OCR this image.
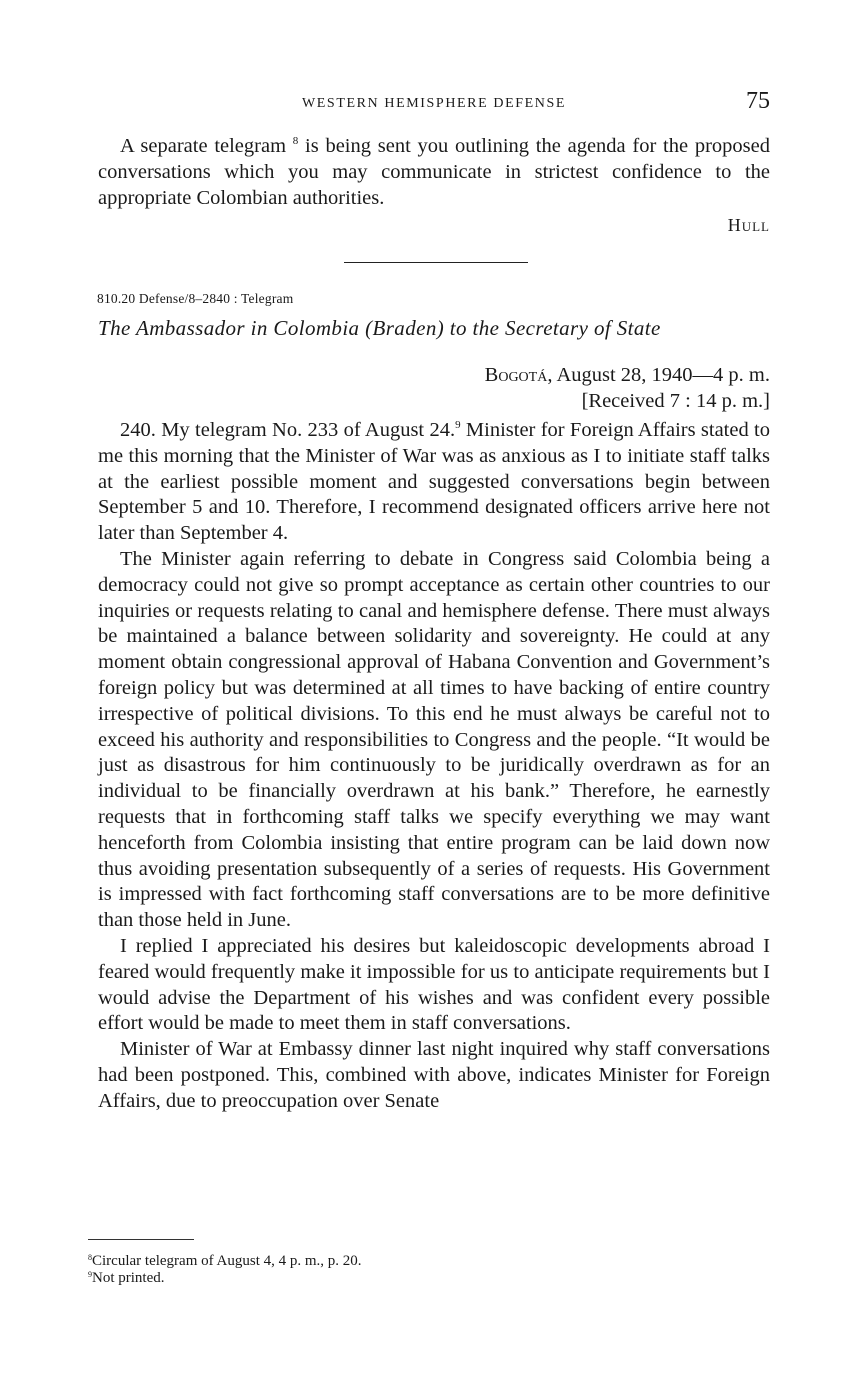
WESTERN HEMISPHERE DEFENSE	75

A separate telegram $^8$ is being sent you outlining the agenda for the proposed conversations which you may communicate in strictest confidence to the appropriate Colombian authorities.

Hull
810.20 Defense/8–2840 : Telegram
The Ambassador in Colombia (Braden) to the Secretary of State
Bogotá, August 28, 1940—4 p. m.
[Received 7 : 14 p. m.]

240. My telegram No. 233 of August 24.$^9$ Minister for Foreign Affairs stated to me this morning that the Minister of War was as anxious as I to initiate staff talks at the earliest possible moment and suggested conversations begin between September 5 and 10. Therefore, I recommend designated officers arrive here not later than September 4.

The Minister again referring to debate in Congress said Colombia being a democracy could not give so prompt acceptance as certain other countries to our inquiries or requests relating to canal and hemisphere defense. There must always be maintained a balance between solidarity and sovereignty. He could at any moment obtain congressional approval of Habana Convention and Government’s foreign policy but was determined at all times to have backing of entire country irrespective of political divisions. To this end he must always be careful not to exceed his authority and responsibilities to Congress and the people. “It would be just as disastrous for him continuously to be juridically overdrawn as for an individual to be financially overdrawn at his bank.” Therefore, he earnestly requests that in forthcoming staff talks we specify everything we may want henceforth from Colombia insisting that entire program can be laid down now thus avoiding presentation subsequently of a series of requests. His Government is impressed with fact forthcoming staff conversations are to be more definitive than those held in June.

I replied I appreciated his desires but kaleidoscopic developments abroad I feared would frequently make it impossible for us to anticipate requirements but I would advise the Department of his wishes and was confident every possible effort would be made to meet them in staff conversations.

Minister of War at Embassy dinner last night inquired why staff conversations had been postponed. This, combined with above, indicates Minister for Foreign Affairs, due to preoccupation over Senate

$^8$Circular telegram of August 4, 4 p. m., p. 20.
$^9$Not printed.
